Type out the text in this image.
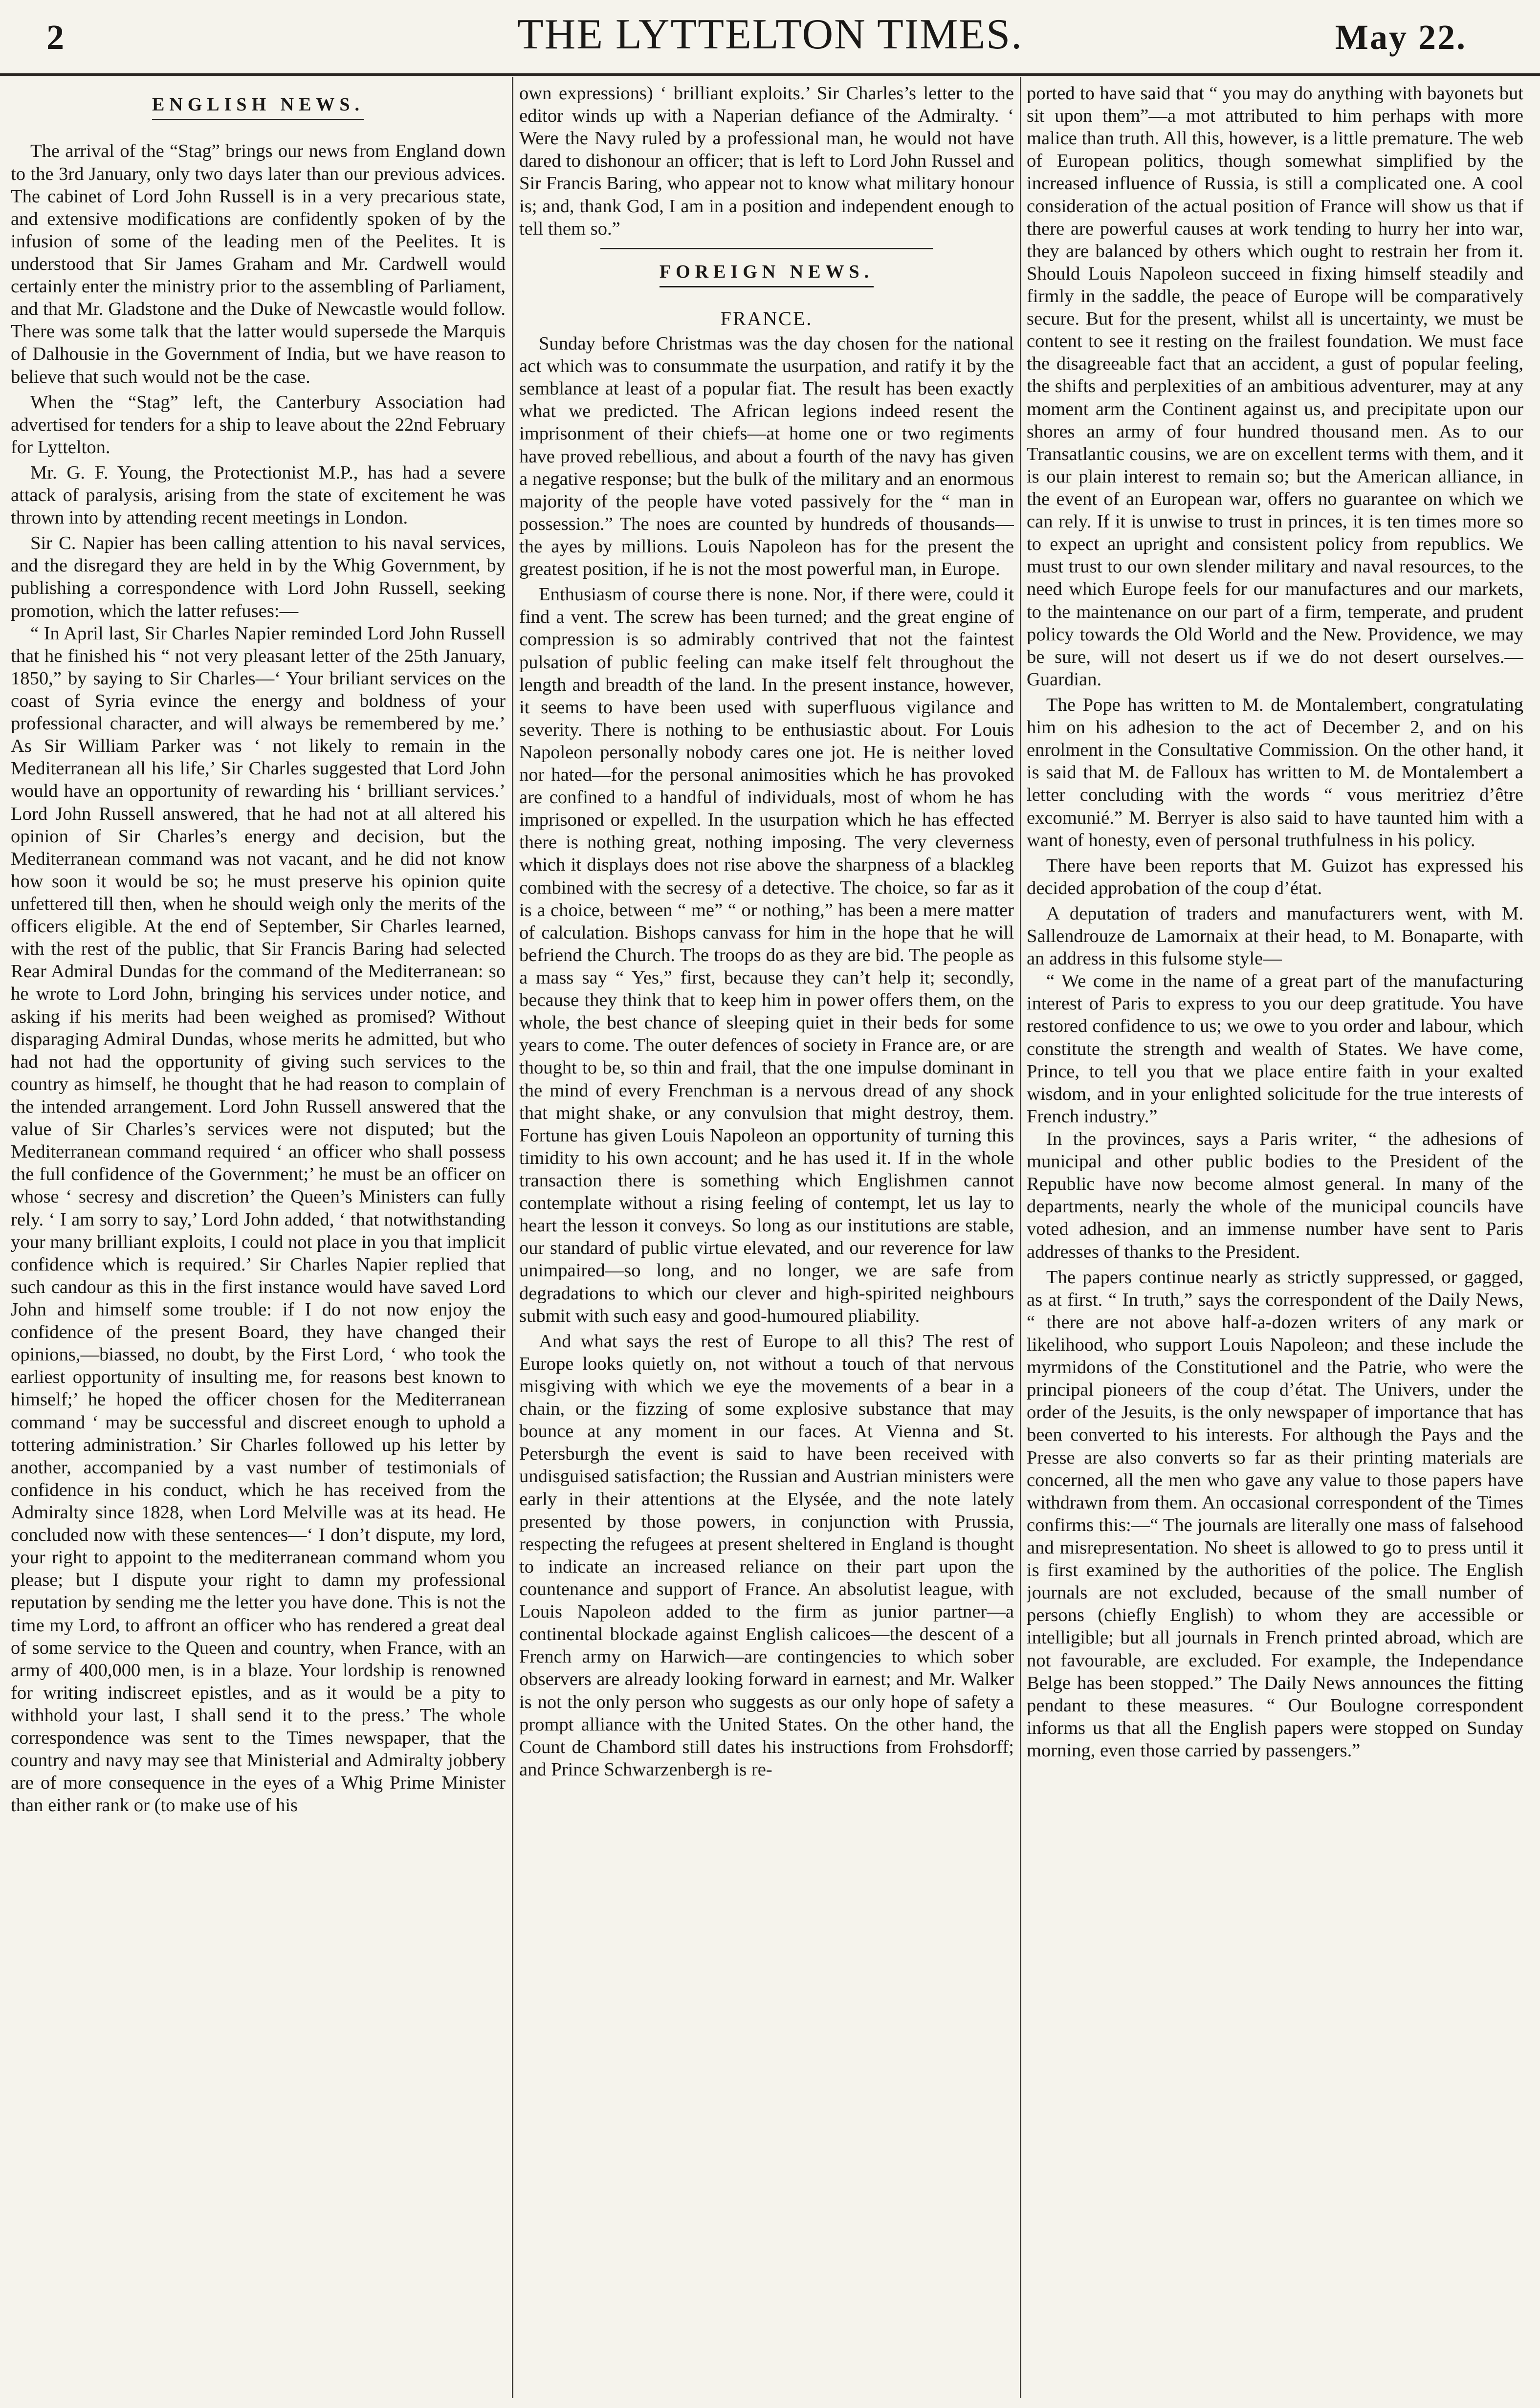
2	THE LYTTELTON TIMES.	May 22.
ENGLISH NEWS.

The arrival of the “Stag” brings our news from England down to the 3rd January, only two days later than our previous advices. The cabinet of Lord John Russell is in a very precarious state, and extensive modifications are confidently spoken of by the infusion of some of the leading men of the Peelites. It is understood that Sir James Graham and Mr. Cardwell would certainly enter the ministry prior to the assembling of Parliament, and that Mr. Gladstone and the Duke of Newcastle would follow. There was some talk that the latter would supersede the Marquis of Dalhousie in the Government of India, but we have reason to believe that such would not be the case.

When the “Stag” left, the Canterbury Association had advertised for tenders for a ship to leave about the 22nd February for Lyttelton.

Mr. G. F. Young, the Protectionist M.P., has had a severe attack of paralysis, arising from the state of excitement he was thrown into by attending recent meetings in London.

Sir C. Napier has been calling attention to his naval services, and the disregard they are held in by the Whig Government, by publishing a correspondence with Lord John Russell, seeking promotion, which the latter refuses:—

“ In April last, Sir Charles Napier reminded Lord John Russell that he finished his “ not very pleasant letter of the 25th January, 1850,” by saying to Sir Charles—‘ Your briliant services on the coast of Syria evince the energy and boldness of your professional character, and will always be remembered by me.’ As Sir William Parker was ‘ not likely to remain in the Mediterranean all his life,’ Sir Charles suggested that Lord John would have an opportunity of rewarding his ‘ brilliant services.’ Lord John Russell answered, that he had not at all altered his opinion of Sir Charles’s energy and decision, but the Mediterranean command was not vacant, and he did not know how soon it would be so; he must preserve his opinion quite unfettered till then, when he should weigh only the merits of the officers eligible. At the end of September, Sir Charles learned, with the rest of the public, that Sir Francis Baring had selected Rear Admiral Dundas for the command of the Mediterranean: so he wrote to Lord John, bringing his services under notice, and asking if his merits had been weighed as promised? Without disparaging Admiral Dundas, whose merits he admitted, but who had not had the opportunity of giving such services to the country as himself, he thought that he had reason to complain of the intended arrangement. Lord John Russell answered that the value of Sir Charles’s services were not disputed; but the Mediterranean command required ‘ an officer who shall possess the full confidence of the Government;’ he must be an officer on whose ‘ secresy and discretion’ the Queen’s Ministers can fully rely. ‘ I am sorry to say,’ Lord John added, ‘ that notwithstanding your many brilliant exploits, I could not place in you that implicit confidence which is required.’ Sir Charles Napier replied that such candour as this in the first instance would have saved Lord John and himself some trouble: if I do not now enjoy the confidence of the present Board, they have changed their opinions,—biassed, no doubt, by the First Lord, ‘ who took the earliest opportunity of insulting me, for reasons best known to himself;’ he hoped the officer chosen for the Mediterranean command ‘ may be successful and discreet enough to uphold a tottering administration.’ Sir Charles followed up his letter by another, accompanied by a vast number of testimonials of confidence in his conduct, which he has received from the Admiralty since 1828, when Lord Melville was at its head. He concluded now with these sentences—‘ I don’t dispute, my lord, your right to appoint to the mediterranean command whom you please; but I dispute your right to damn my professional reputation by sending me the letter you have done. This is not the time my Lord, to affront an officer who has rendered a great deal of some service to the Queen and country, when France, with an army of 400,000 men, is in a blaze. Your lordship is renowned for writing indiscreet epistles, and as it would be a pity to withhold your last, I shall send it to the press.’ The whole correspondence was sent to the Times newspaper, that the country and navy may see that Ministerial and Admiralty jobbery are of more consequence in the eyes of a Whig Prime Minister than either rank or (to make use of his

own expressions) ‘ brilliant exploits.’ Sir Charles’s letter to the editor winds up with a Naperian defiance of the Admiralty. ‘ Were the Navy ruled by a professional man, he would not have dared to dishonour an officer; that is left to Lord John Russel and Sir Francis Baring, who appear not to know what military honour is; and, thank God, I am in a position and independent enough to tell them so.”

FOREIGN NEWS.
FRANCE.

Sunday before Christmas was the day chosen for the national act which was to consummate the usurpation, and ratify it by the semblance at least of a popular fiat. The result has been exactly what we predicted. The African legions indeed resent the imprisonment of their chiefs—at home one or two regiments have proved rebellious, and about a fourth of the navy has given a negative response; but the bulk of the military and an enormous majority of the people have voted passively for the “ man in possession.” The noes are counted by hundreds of thousands—the ayes by millions. Louis Napoleon has for the present the greatest position, if he is not the most powerful man, in Europe.

Enthusiasm of course there is none. Nor, if there were, could it find a vent. The screw has been turned; and the great engine of compression is so admirably contrived that not the faintest pulsation of public feeling can make itself felt throughout the length and breadth of the land. In the present instance, however, it seems to have been used with superfluous vigilance and severity. There is nothing to be enthusiastic about. For Louis Napoleon personally nobody cares one jot. He is neither loved nor hated—for the personal animosities which he has provoked are confined to a handful of individuals, most of whom he has imprisoned or expelled. In the usurpation which he has effected there is nothing great, nothing imposing. The very cleverness which it displays does not rise above the sharpness of a blackleg combined with the secresy of a detective. The choice, so far as it is a choice, between “ me” “ or nothing,” has been a mere matter of calculation. Bishops canvass for him in the hope that he will befriend the Church. The troops do as they are bid. The people as a mass say “ Yes,” first, because they can’t help it; secondly, because they think that to keep him in power offers them, on the whole, the best chance of sleeping quiet in their beds for some years to come. The outer defences of society in France are, or are thought to be, so thin and frail, that the one impulse dominant in the mind of every Frenchman is a nervous dread of any shock that might shake, or any convulsion that might destroy, them. Fortune has given Louis Napoleon an opportunity of turning this timidity to his own account; and he has used it. If in the whole transaction there is something which Englishmen cannot contemplate without a rising feeling of contempt, let us lay to heart the lesson it conveys. So long as our institutions are stable, our standard of public virtue elevated, and our reverence for law unimpaired—so long, and no longer, we are safe from degradations to which our clever and high-spirited neighbours submit with such easy and good-humoured pliability.

And what says the rest of Europe to all this? The rest of Europe looks quietly on, not without a touch of that nervous misgiving with which we eye the movements of a bear in a chain, or the fizzing of some explosive substance that may bounce at any moment in our faces. At Vienna and St. Petersburgh the event is said to have been received with undisguised satisfaction; the Russian and Austrian ministers were early in their attentions at the Elysée, and the note lately presented by those powers, in conjunction with Prussia, respecting the refugees at present sheltered in England is thought to indicate an increased reliance on their part upon the countenance and support of France. An absolutist league, with Louis Napoleon added to the firm as junior partner—a continental blockade against English calicoes—the descent of a French army on Harwich—are contingencies to which sober observers are already looking forward in earnest; and Mr. Walker is not the only person who suggests as our only hope of safety a prompt alliance with the United States. On the other hand, the Count de Chambord still dates his instructions from Frohsdorff; and Prince Schwarzenbergh is re-

ported to have said that “ you may do anything with bayonets but sit upon them”—a mot attributed to him perhaps with more malice than truth. All this, however, is a little premature. The web of European politics, though somewhat simplified by the increased influence of Russia, is still a complicated one. A cool consideration of the actual position of France will show us that if there are powerful causes at work tending to hurry her into war, they are balanced by others which ought to restrain her from it. Should Louis Napoleon succeed in fixing himself steadily and firmly in the saddle, the peace of Europe will be comparatively secure. But for the present, whilst all is uncertainty, we must be content to see it resting on the frailest foundation. We must face the disagreeable fact that an accident, a gust of popular feeling, the shifts and perplexities of an ambitious adventurer, may at any moment arm the Continent against us, and precipitate upon our shores an army of four hundred thousand men. As to our Transatlantic cousins, we are on excellent terms with them, and it is our plain interest to remain so; but the American alliance, in the event of an European war, offers no guarantee on which we can rely. If it is unwise to trust in princes, it is ten times more so to expect an upright and consistent policy from republics. We must trust to our own slender military and naval resources, to the need which Europe feels for our manufactures and our markets, to the maintenance on our part of a firm, temperate, and prudent policy towards the Old World and the New. Providence, we may be sure, will not desert us if we do not desert ourselves.—Guardian.

The Pope has written to M. de Montalembert, congratulating him on his adhesion to the act of December 2, and on his enrolment in the Consultative Commission. On the other hand, it is said that M. de Falloux has written to M. de Montalembert a letter concluding with the words “ vous meritriez d’être excomunié.” M. Berryer is also said to have taunted him with a want of honesty, even of personal truthfulness in his policy.

There have been reports that M. Guizot has expressed his decided approbation of the coup d’état.

A deputation of traders and manufacturers went, with M. Sallendrouze de Lamornaix at their head, to M. Bonaparte, with an address in this fulsome style—

“ We come in the name of a great part of the manufacturing interest of Paris to express to you our deep gratitude. You have restored confidence to us; we owe to you order and labour, which constitute the strength and wealth of States. We have come, Prince, to tell you that we place entire faith in your exalted wisdom, and in your enlighted solicitude for the true interests of French industry.”

In the provinces, says a Paris writer, “ the adhesions of municipal and other public bodies to the President of the Republic have now become almost general. In many of the departments, nearly the whole of the municipal councils have voted adhesion, and an immense number have sent to Paris addresses of thanks to the President.

The papers continue nearly as strictly suppressed, or gagged, as at first. “ In truth,” says the correspondent of the Daily News, “ there are not above half-a-dozen writers of any mark or likelihood, who support Louis Napoleon; and these include the myrmidons of the Constitutionel and the Patrie, who were the principal pioneers of the coup d’état. The Univers, under the order of the Jesuits, is the only newspaper of importance that has been converted to his interests. For although the Pays and the Presse are also converts so far as their printing materials are concerned, all the men who gave any value to those papers have withdrawn from them. An occasional correspondent of the Times confirms this:—“ The journals are literally one mass of falsehood and misrepresentation. No sheet is allowed to go to press until it is first examined by the authorities of the police. The English journals are not excluded, because of the small number of persons (chiefly English) to whom they are accessible or intelligible; but all journals in French printed abroad, which are not favourable, are excluded. For example, the Independance Belge has been stopped.” The Daily News announces the fitting pendant to these measures. “ Our Boulogne correspondent informs us that all the English papers were stopped on Sunday morning, even those carried by passengers.”
